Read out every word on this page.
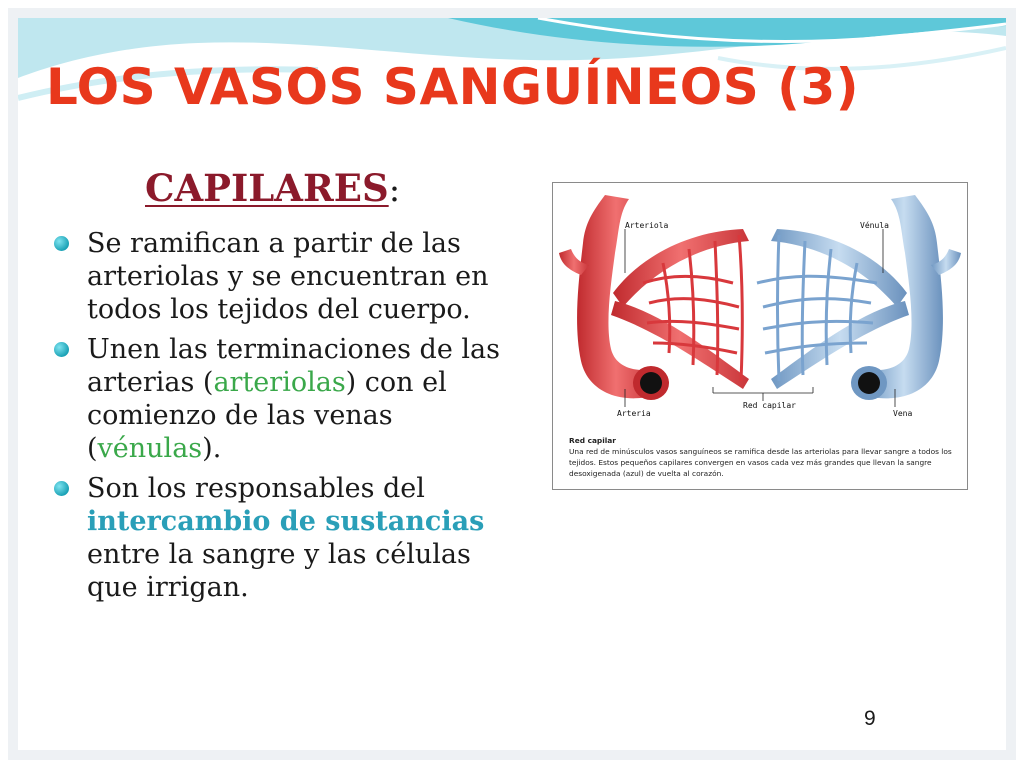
LOS VASOS SANGUÍNEOS (3)
CAPILARES:
Se ramifican a partir de las arteriolas y se encuentran en todos los tejidos del cuerpo.
Unen las terminaciones de las arterias (arteriolas) con el comienzo de las venas (vénulas).
Son los responsables del intercambio de sustancias entre la sangre y las células que irrigan.
Arteriola	Vénula
Arteria
Red capilar
Vena
Red capilar
Una red de minúsculos vasos sanguíneos se ramifica desde las arteriolas para llevar sangre a todos los tejidos. Estos pequeños capilares convergen en vasos cada vez más grandes que llevan la sangre desoxigenada (azul) de vuelta al corazón.
9
